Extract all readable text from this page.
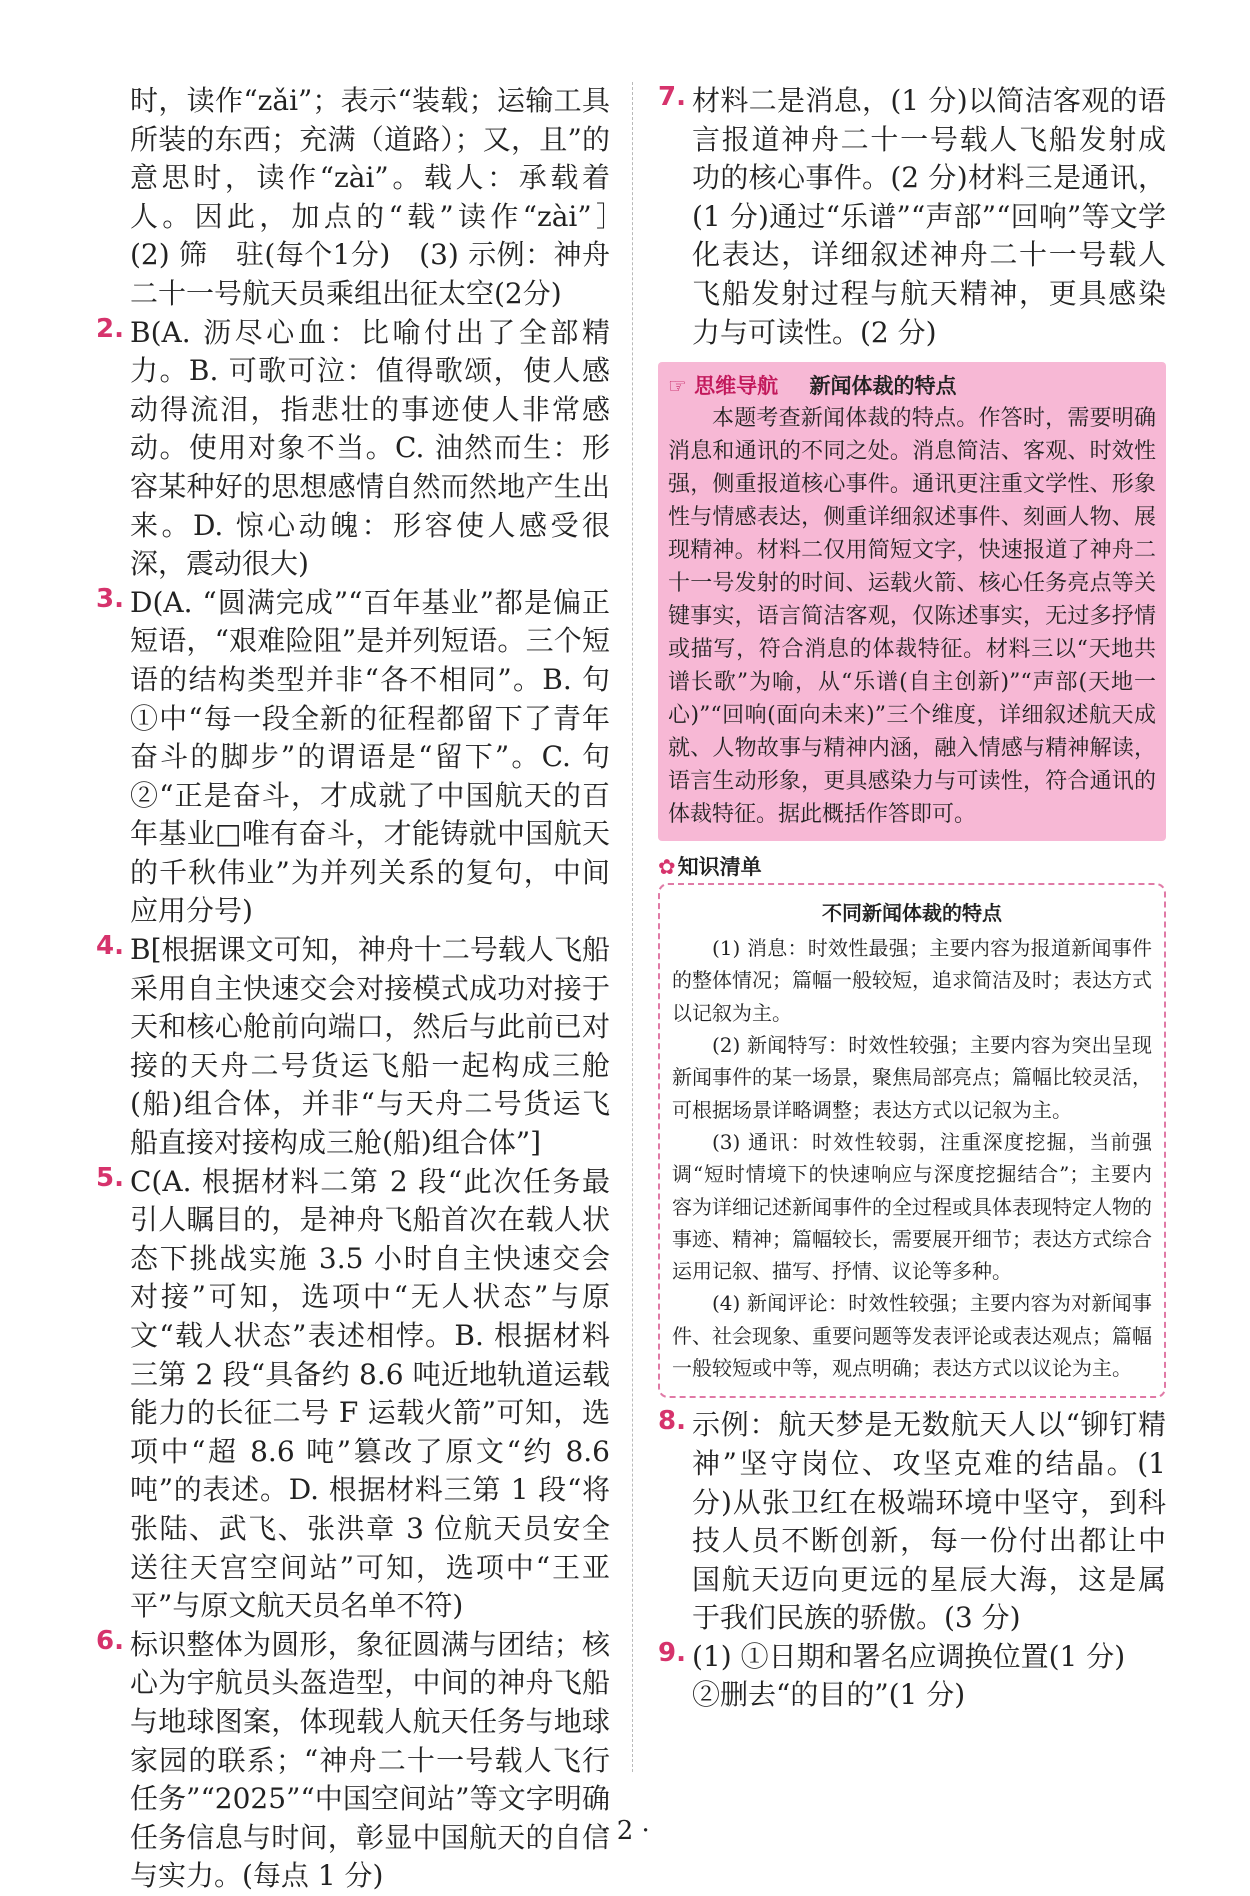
时，读作“zǎi”；表示“装载；运输工具所装的东西；充满（道路）；又，且”的意思时，读作“zài”。载人：承载着人。因此，加点的“载”读作“zài”］　(2) 筛　驻(每个1分)　(3) 示例：神舟二十一号航天员乘组出征太空(2分)

2. B(A. 沥尽心血：比喻付出了全部精力。B. 可歌可泣：值得歌颂，使人感动得流泪，指悲壮的事迹使人非常感动。使用对象不当。C. 油然而生：形容某种好的思想感情自然而然地产生出来。D. 惊心动魄：形容使人感受很深，震动很大)

3. D(A. “圆满完成”“百年基业”都是偏正短语，“艰难险阻”是并列短语。三个短语的结构类型并非“各不相同”。B. 句①中“每一段全新的征程都留下了青年奋斗的脚步”的谓语是“留下”。C. 句②“正是奋斗，才成就了中国航天的百年基业□唯有奋斗，才能铸就中国航天的千秋伟业”为并列关系的复句，中间应用分号)

4. B[根据课文可知，神舟十二号载人飞船采用自主快速交会对接模式成功对接于天和核心舱前向端口，然后与此前已对接的天舟二号货运飞船一起构成三舱(船)组合体，并非“与天舟二号货运飞船直接对接构成三舱(船)组合体”]

5. C(A. 根据材料二第 2 段“此次任务最引人瞩目的，是神舟飞船首次在载人状态下挑战实施 3.5 小时自主快速交会对接”可知，选项中“无人状态”与原文“载人状态”表述相悖。B. 根据材料三第 2 段“具备约 8.6 吨近地轨道运载能力的长征二号 F 运载火箭”可知，选项中“超 8.6 吨”篡改了原文“约 8.6 吨”的表述。D. 根据材料三第 1 段“将张陆、武飞、张洪章 3 位航天员安全送往天宫空间站”可知，选项中“王亚平”与原文航天员名单不符)

6. 标识整体为圆形，象征圆满与团结；核心为宇航员头盔造型，中间的神舟飞船与地球图案，体现载人航天任务与地球家园的联系；“神舟二十一号载人飞行任务”“2025”“中国空间站”等文字明确任务信息与时间，彰显中国航天的自信与实力。(每点 1 分)

7. 材料二是消息，(1 分)以简洁客观的语言报道神舟二十一号载人飞船发射成功的核心事件。(2 分)材料三是通讯，(1 分)通过“乐谱”“声部”“回响”等文学化表达，详细叙述神舟二十一号载人飞船发射过程与航天精神，更具感染力与可读性。(2 分)

☞ 思维导航 新闻体裁的特点

本题考查新闻体裁的特点。作答时，需要明确消息和通讯的不同之处。消息简洁、客观、时效性强，侧重报道核心事件。通讯更注重文学性、形象性与情感表达，侧重详细叙述事件、刻画人物、展现精神。材料二仅用简短文字，快速报道了神舟二十一号发射的时间、运载火箭、核心任务亮点等关键事实，语言简洁客观，仅陈述事实，无过多抒情或描写，符合消息的体裁特征。材料三以“天地共谱长歌”为喻，从“乐谱(自主创新)”“声部(天地一心)”“回响(面向未来)”三个维度，详细叙述航天成就、人物故事与精神内涵，融入情感与精神解读，语言生动形象，更具感染力与可读性，符合通讯的体裁特征。据此概括作答即可。

✿知识清单
不同新闻体裁的特点

(1) 消息：时效性最强；主要内容为报道新闻事件的整体情况；篇幅一般较短，追求简洁及时；表达方式以记叙为主。

(2) 新闻特写：时效性较强；主要内容为突出呈现新闻事件的某一场景，聚焦局部亮点；篇幅比较灵活，可根据场景详略调整；表达方式以记叙为主。

(3) 通讯：时效性较弱，注重深度挖掘，当前强调“短时情境下的快速响应与深度挖掘结合”；主要内容为详细记述新闻事件的全过程或具体表现特定人物的事迹、精神；篇幅较长，需要展开细节；表达方式综合运用记叙、描写、抒情、议论等多种。

(4) 新闻评论：时效性较强；主要内容为对新闻事件、社会现象、重要问题等发表评论或表达观点；篇幅一般较短或中等，观点明确；表达方式以议论为主。

8. 示例：航天梦是无数航天人以“铆钉精神”坚守岗位、攻坚克难的结晶。(1 分)从张卫红在极端环境中坚守，到科技人员不断创新，每一份付出都让中国航天迈向更远的星辰大海，这是属于我们民族的骄傲。(3 分)

9. (1) ①日期和署名应调换位置(1 分)

②删去“的目的”(1 分)

· 2 ·
